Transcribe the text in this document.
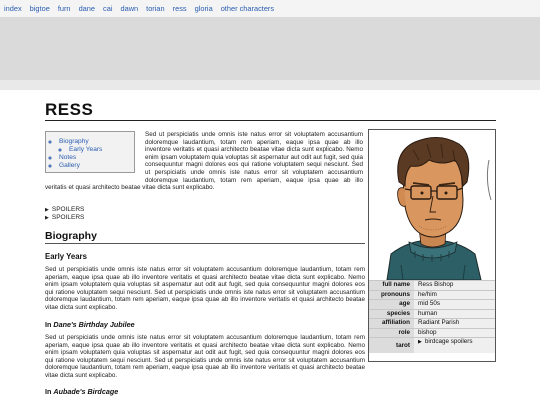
index bigtoe furn dane cai dawn torian ress gloria other characters
RESS
◦ Biography
◦ Early Years
◦ Notes
◦ Gallery

Sed ut perspiciatis unde omnis iste natus error sit voluptatem accusantium doloremque laudantium, totam rem aperiam, eaque ipsa quae ab illo inventore veritatis et quasi architecto beatae vitae dicta sunt explicabo. Nemo enim ipsam voluptatem quia voluptas sit aspernatur aut odit aut fugit, sed quia consequuntur magni dolores eos qui ratione voluptatem sequi nesciunt. Sed ut perspiciatis unde omnis iste natus error sit voluptatem accusantium doloremque laudantium, totam rem aperiam, eaque ipsa quae ab illo

veritatis et quasi architecto beatae vitae dicta sunt explicabo.

▶ SPOILERS
▶ SPOILERS
Biography
Early Years

Sed ut perspiciatis unde omnis iste natus error sit voluptatem accusantium doloremque laudantium, totam rem aperiam, eaque ipsa quae ab illo inventore veritatis et quasi architecto beatae vitae dicta sunt explicabo. Nemo enim ipsam voluptatem quia voluptas sit aspernatur aut odit aut fugit, sed quia consequuntur magni dolores eos qui ratione voluptatem sequi nesciunt. Sed ut perspiciatis unde omnis iste natus error sit voluptatem accusantium doloremque laudantium, totam rem aperiam, eaque ipsa quae ab illo inventore veritatis et quasi architecto beatae vitae dicta sunt explicabo.

In Dane's Birthday Jubilee

Sed ut perspiciatis unde omnis iste natus error sit voluptatem accusantium doloremque laudantium, totam rem aperiam, eaque ipsa quae ab illo inventore veritatis et quasi architecto beatae vitae dicta sunt explicabo. Nemo enim ipsam voluptatem quia voluptas sit aspernatur aut odit aut fugit, sed quia consequuntur magni dolores eos qui ratione voluptatem sequi nesciunt. Sed ut perspiciatis unde omnis iste natus error sit voluptatem accusantium doloremque laudantium, totam rem aperiam, eaque ipsa quae ab illo inventore veritatis et quasi architecto beatae vitae dicta sunt explicabo.

In Aubade's Birdcage
full name	Ress Bishop
pronouns	he/him
age	mid 50s
species	human
affiliation	Radiant Parish
role	bishop
tarot	▶ birdcage spoilers
